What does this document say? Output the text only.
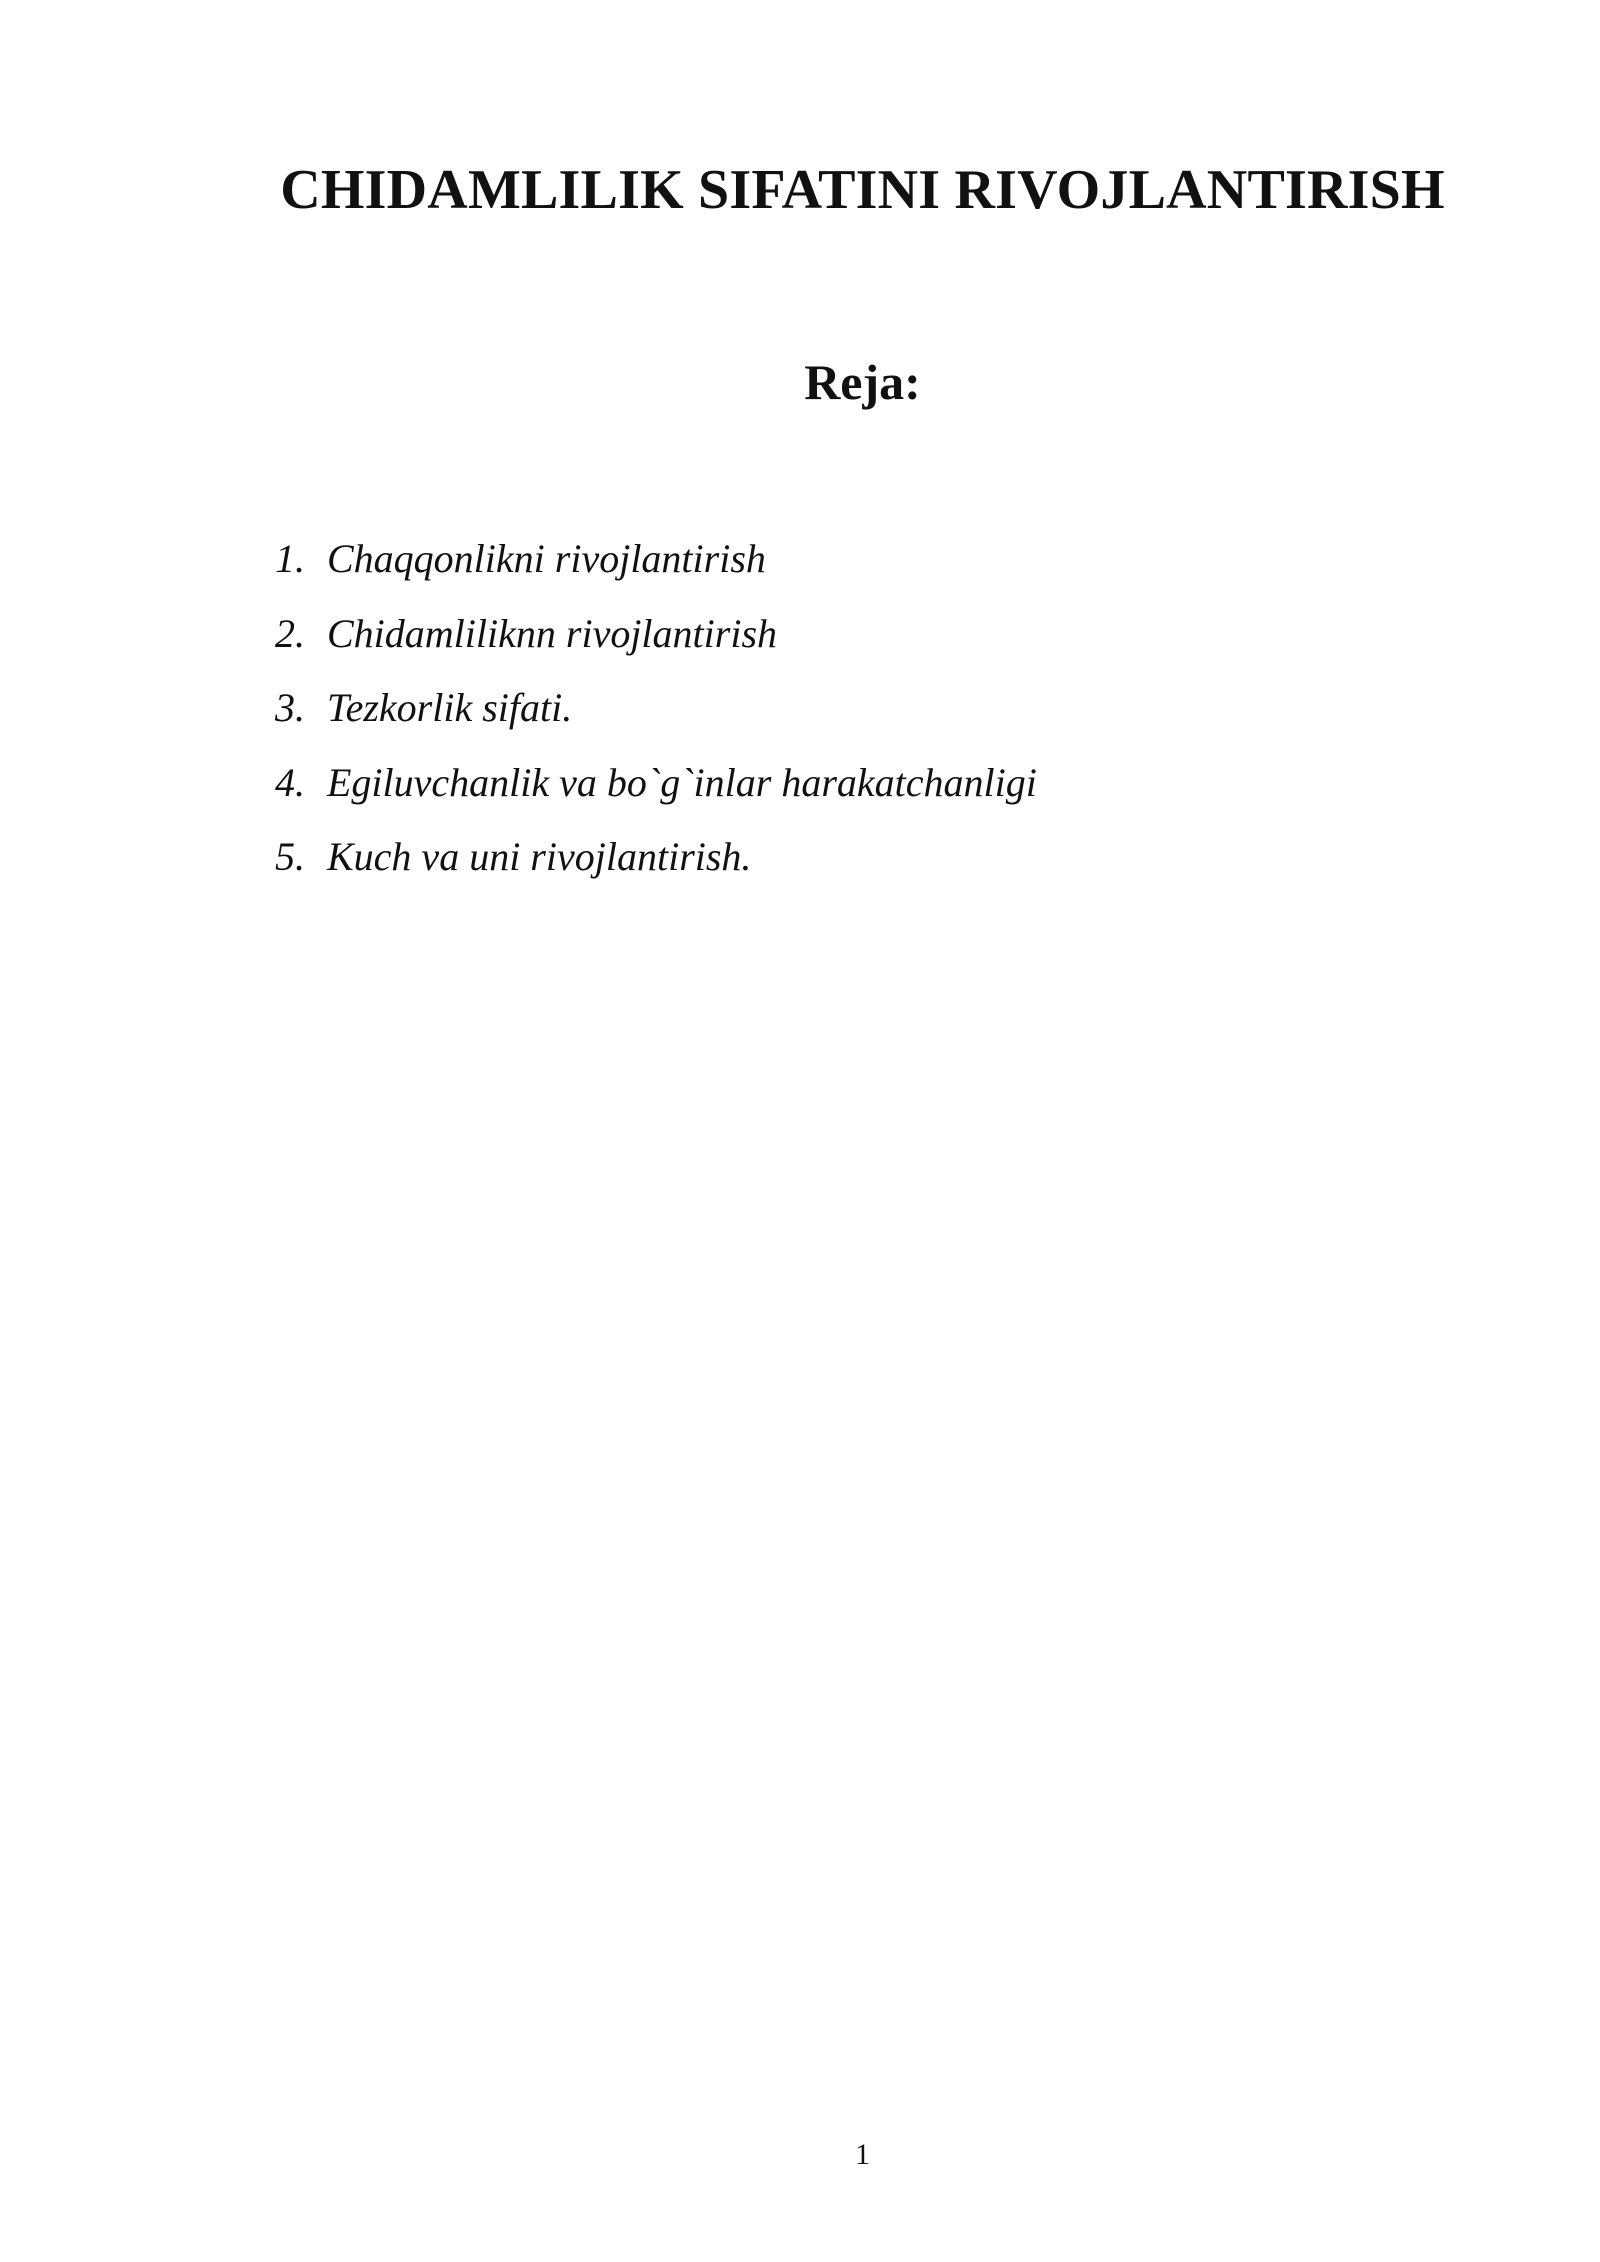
CHIDAMLILIK SIFATINI RIVOJLANTIRISH
Reja:
1. Chaqqonlikni rivojlantirish
2. Chidamliliknn rivojlantirish
3. Tezkorlik sifati.
4. Egiluvchanlik va bo`g`inlar harakatchanligi
5. Kuch va uni rivojlantirish.
1
